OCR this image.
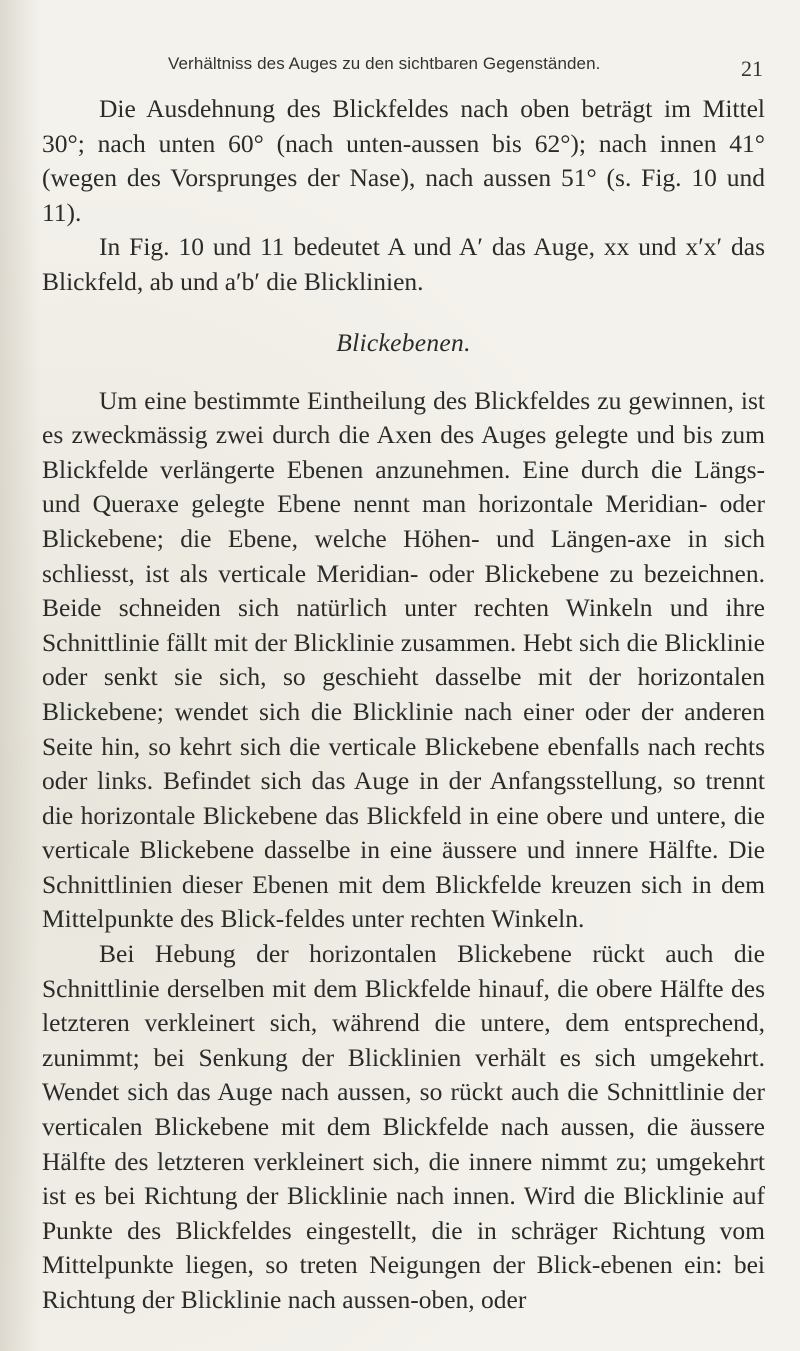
Verhältniss des Auges zu den sichtbaren Gegenständen.	21

Die Ausdehnung des Blickfeldes nach oben beträgt im Mittel 30°; nach unten 60° (nach unten-aussen bis 62°); nach innen 41° (wegen des Vorsprunges der Nase), nach aussen 51° (s. Fig. 10 und 11).

In Fig. 10 und 11 bedeutet A und A′ das Auge, xx und x′x′ das Blickfeld, ab und a′b′ die Blicklinien.

Blickebenen.

Um eine bestimmte Eintheilung des Blickfeldes zu gewinnen, ist es zweckmässig zwei durch die Axen des Auges gelegte und bis zum Blickfelde verlängerte Ebenen anzunehmen. Eine durch die Längs- und Queraxe gelegte Ebene nennt man horizontale Meridian- oder Blickebene; die Ebene, welche Höhen- und Längen-axe in sich schliesst, ist als verticale Meridian- oder Blickebene zu bezeichnen. Beide schneiden sich natürlich unter rechten Winkeln und ihre Schnittlinie fällt mit der Blicklinie zusammen. Hebt sich die Blicklinie oder senkt sie sich, so geschieht dasselbe mit der horizontalen Blickebene; wendet sich die Blicklinie nach einer oder der anderen Seite hin, so kehrt sich die verticale Blickebene ebenfalls nach rechts oder links. Befindet sich das Auge in der Anfangsstellung, so trennt die horizontale Blickebene das Blickfeld in eine obere und untere, die verticale Blickebene dasselbe in eine äussere und innere Hälfte. Die Schnittlinien dieser Ebenen mit dem Blickfelde kreuzen sich in dem Mittelpunkte des Blick-feldes unter rechten Winkeln.

Bei Hebung der horizontalen Blickebene rückt auch die Schnittlinie derselben mit dem Blickfelde hinauf, die obere Hälfte des letzteren verkleinert sich, während die untere, dem entsprechend, zunimmt; bei Senkung der Blicklinien verhält es sich umgekehrt. Wendet sich das Auge nach aussen, so rückt auch die Schnittlinie der verticalen Blickebene mit dem Blickfelde nach aussen, die äussere Hälfte des letzteren verkleinert sich, die innere nimmt zu; umgekehrt ist es bei Richtung der Blicklinie nach innen. Wird die Blicklinie auf Punkte des Blickfeldes eingestellt, die in schräger Richtung vom Mittelpunkte liegen, so treten Neigungen der Blick-ebenen ein: bei Richtung der Blicklinie nach aussen-oben, oder
